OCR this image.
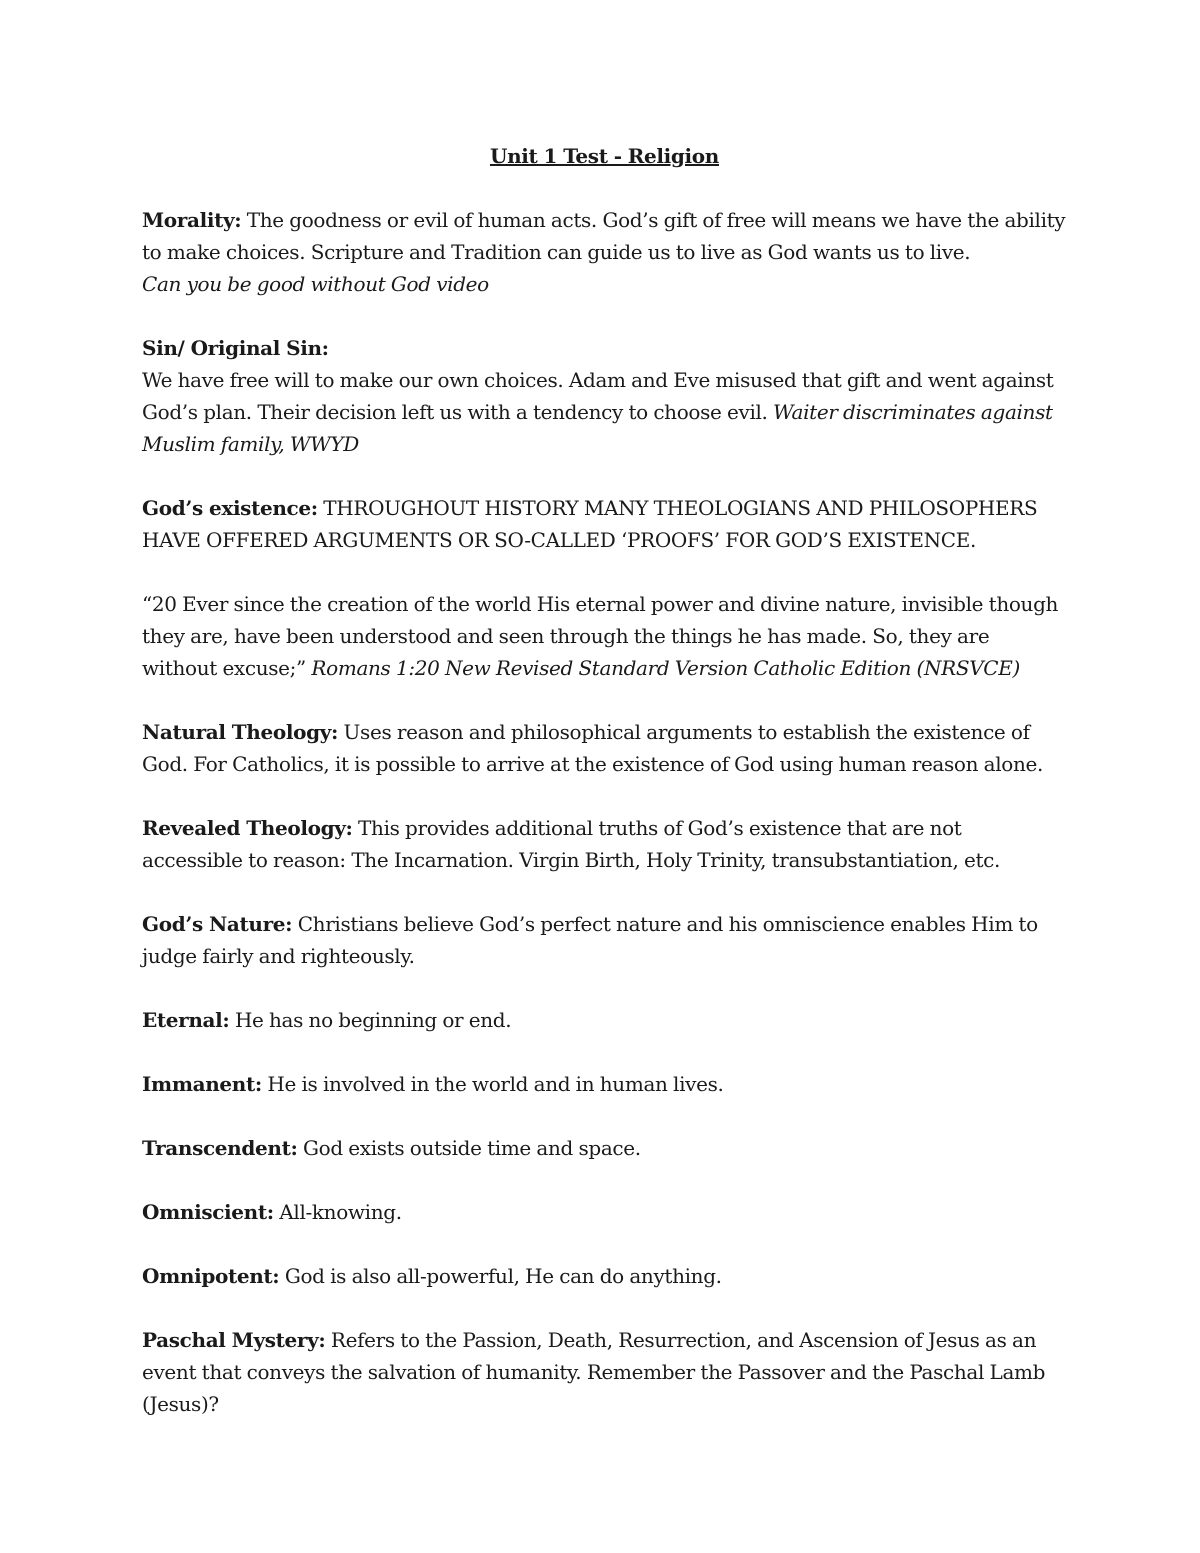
Unit 1 Test - Religion
Morality: The goodness or evil of human acts. God’s gift of free will means we have the ability to make choices. Scripture and Tradition can guide us to live as God wants us to live.
Can you be good without God video
Sin/ Original Sin:
We have free will to make our own choices. Adam and Eve misused that gift and went against God’s plan. Their decision left us with a tendency to choose evil. Waiter discriminates against Muslim family, WWYD
God’s existence: THROUGHOUT HISTORY MANY THEOLOGIANS AND PHILOSOPHERS HAVE OFFERED ARGUMENTS OR SO-CALLED ‘PROOFS’ FOR GOD’S EXISTENCE.
“20 Ever since the creation of the world His eternal power and divine nature, invisible though they are, have been understood and seen through the things he has made. So, they are without excuse;” Romans 1:20 New Revised Standard Version Catholic Edition (NRSVCE)
Natural Theology: Uses reason and philosophical arguments to establish the existence of God. For Catholics, it is possible to arrive at the existence of God using human reason alone.
Revealed Theology: This provides additional truths of God’s existence that are not accessible to reason: The Incarnation. Virgin Birth, Holy Trinity, transubstantiation, etc.
God’s Nature: Christians believe God’s perfect nature and his omniscience enables Him to judge fairly and righteously.
Eternal: He has no beginning or end.
Immanent: He is involved in the world and in human lives.
Transcendent: God exists outside time and space.
Omniscient: All-knowing.
Omnipotent: God is also all-powerful, He can do anything.
Paschal Mystery: Refers to the Passion, Death, Resurrection, and Ascension of Jesus as an event that conveys the salvation of humanity. Remember the Passover and the Paschal Lamb (Jesus)?
